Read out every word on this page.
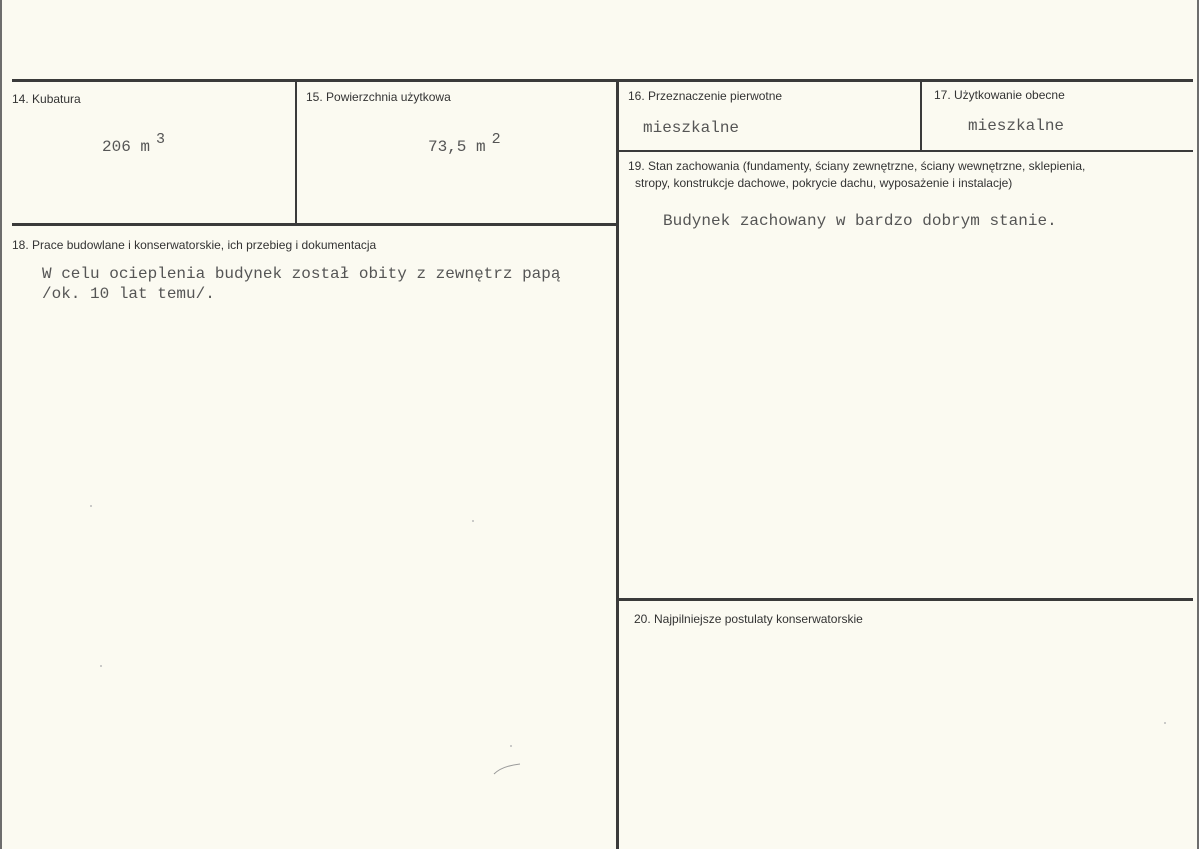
14. Kubatura
206 m 3
15. Powierzchnia użytkowa
73,5 m 2
16. Przeznaczenie pierwotne
mieszkalne
17. Użytkowanie obecne
mieszkalne
18. Prace budowlane i konserwatorskie, ich przebieg i dokumentacja
W celu ocieplenia budynek został obity z zewnętrz papą
/ok. 10 lat temu/.
19. Stan zachowania (fundamenty, ściany zewnętrzne, ściany wewnętrzne, sklepienia,
stropy, konstrukcje dachowe, pokrycie dachu, wyposażenie i instalacje)
Budynek zachowany w bardzo dobrym stanie.
20. Najpilniejsze postulaty konserwatorskie
